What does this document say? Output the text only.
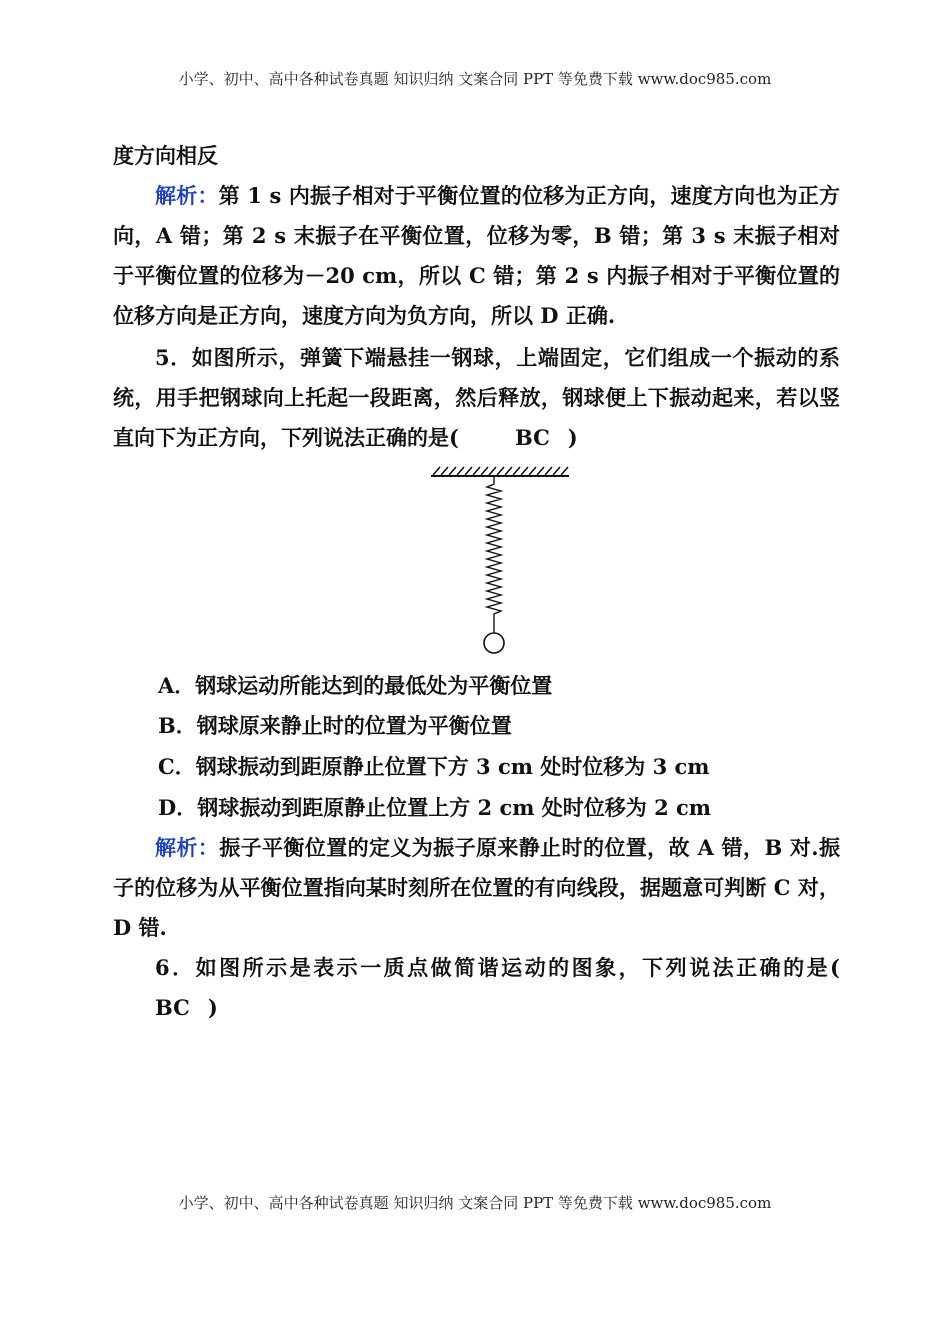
小学、初中、高中各种试卷真题 知识归纳 文案合同 PPT 等免费下载 www.doc985.com
度方向相反
解析：第 1 s 内振子相对于平衡位置的位移为正方向，速度方向也为正方向，A 错；第 2 s 末振子在平衡位置，位移为零，B 错；第 3 s 末振子相对于平衡位置的位移为－20 cm，所以 C 错；第 2 s 内振子相对于平衡位置的位移方向是正方向，速度方向为负方向，所以 D 正确.
5．如图所示，弹簧下端悬挂一钢球，上端固定，它们组成一个振动的系统，用手把钢球向上托起一段距离，然后释放，钢球便上下振动起来，若以竖直向下为正方向，下列说法正确的是(	BC )
A．钢球运动所能达到的最低处为平衡位置
B．钢球原来静止时的位置为平衡位置
C．钢球振动到距原静止位置下方 3 cm 处时位移为 3 cm
D．钢球振动到距原静止位置上方 2 cm 处时位移为 2 cm
解析：振子平衡位置的定义为振子原来静止时的位置，故 A 错，B 对.振子的位移为从平衡位置指向某时刻所在位置的有向线段，据题意可判断 C 对，D 错.
6．如图所示是表示一质点做简谐运动的图象，下列说法正确的是(BC )
小学、初中、高中各种试卷真题 知识归纳 文案合同 PPT 等免费下载 www.doc985.com
